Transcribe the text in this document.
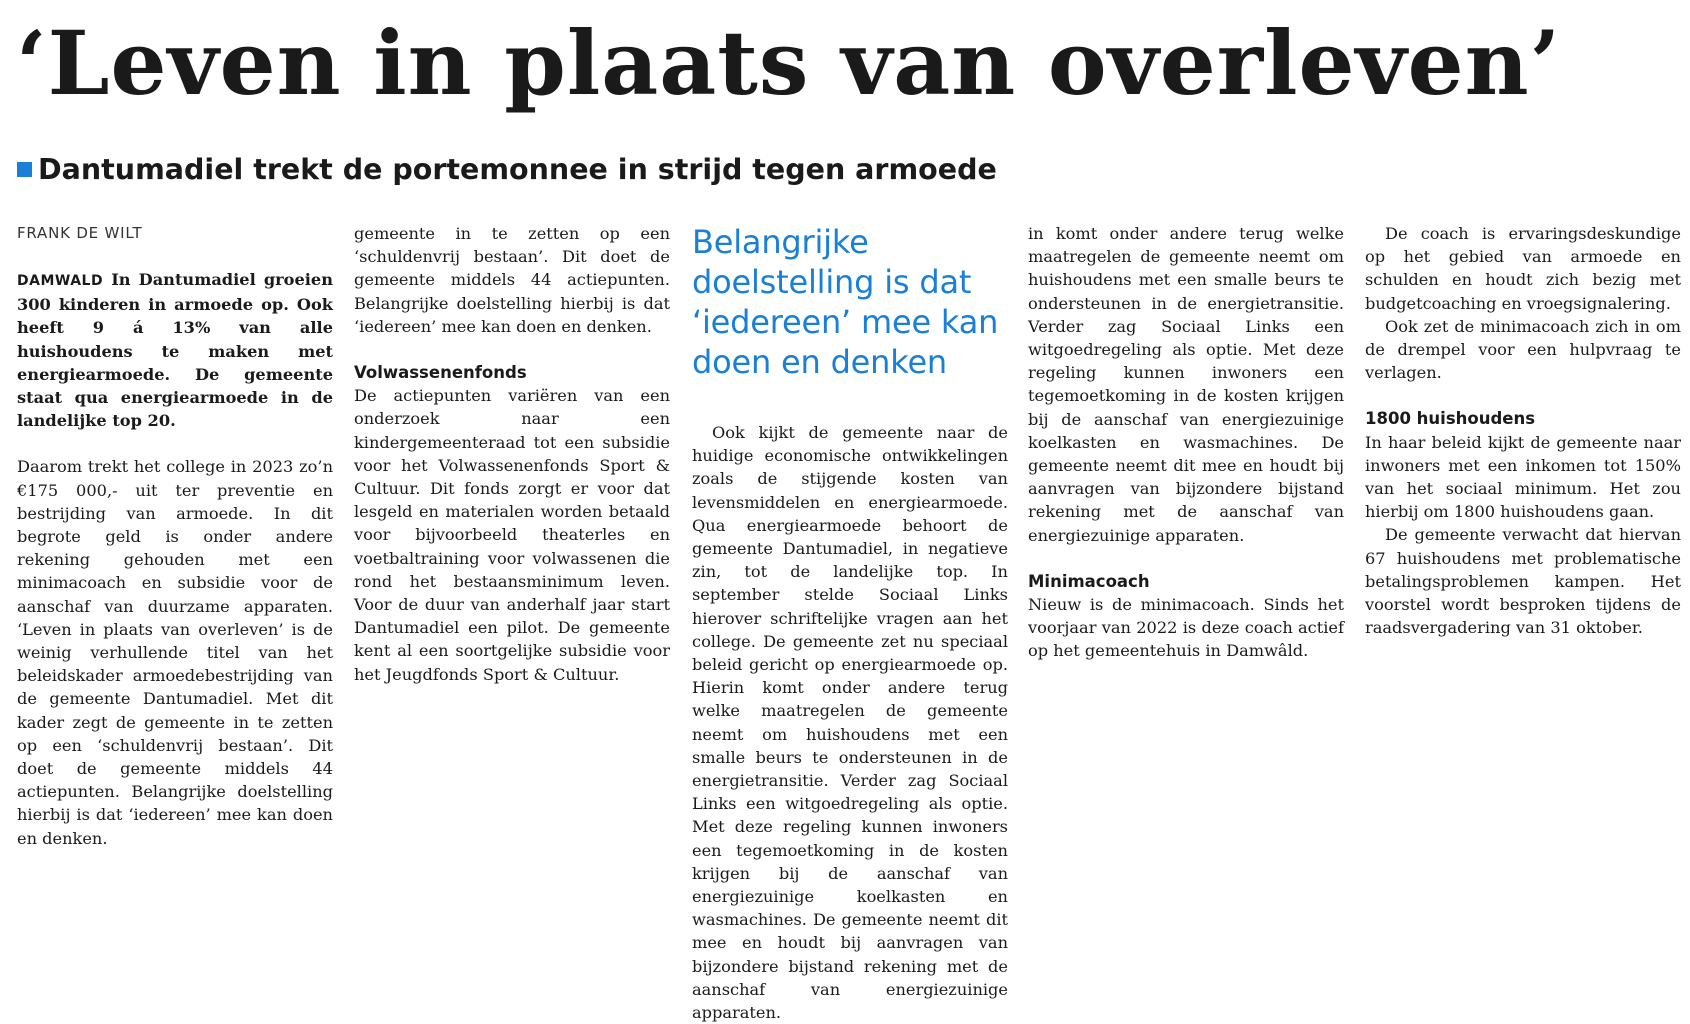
‘Leven in plaats van overleven’
Dantumadiel trekt de portemonnee in strijd tegen armoede

FRANK DE WILT

DAMWALD In Dantumadiel groeien 300 kinderen in armoede op. Ook heeft 9 á 13% van alle huishoudens te maken met energiearmoede. De gemeente staat qua energiearmoede in de landelijke top 20.

Daarom trekt het college in 2023 zo’n €175 000,- uit ter preventie en bestrijding van armoede. In dit begrote geld is onder andere rekening gehouden met een minimacoach en subsidie voor de aanschaf van duurzame apparaten. ‘Leven in plaats van overleven’ is de weinig verhullende titel van het beleidskader armoedebestrijding van de gemeente Dantumadiel. Met dit kader zegt de gemeente in te zetten op een ‘schuldenvrij bestaan’. Dit doet de gemeente middels 44 actiepunten. Belangrijke doelstelling hierbij is dat ‘iedereen’ mee kan doen en denken.

gemeente in te zetten op een ‘schuldenvrij bestaan’. Dit doet de gemeente middels 44 actiepunten. Belangrijke doelstelling hierbij is dat ‘iedereen’ mee kan doen en denken.

Volwassenenfonds

De actiepunten variëren van een onderzoek naar een kindergemeenteraad tot een subsidie voor het Volwassenenfonds Sport & Cultuur. Dit fonds zorgt er voor dat lesgeld en materialen worden betaald voor bijvoorbeeld theaterles en voetbaltraining voor volwassenen die rond het bestaansminimum leven. Voor de duur van anderhalf jaar start Dantumadiel een pilot. De gemeente kent al een soortgelijke subsidie voor het Jeugdfonds Sport & Cultuur.

Belangrijke doelstelling is dat ‘iedereen’ mee kan doen en denken

Ook kijkt de gemeente naar de huidige economische ontwikkelingen zoals de stijgende kosten van levensmiddelen en energiearmoede. Qua energiearmoede behoort de gemeente Dantumadiel, in negatieve zin, tot de landelijke top. In september stelde Sociaal Links hierover schriftelijke vragen aan het college. De gemeente zet nu speciaal beleid gericht op energiearmoede op. Hierin komt onder andere terug welke maatregelen de gemeente neemt om huishoudens met een smalle beurs te ondersteunen in de energietransitie. Verder zag Sociaal Links een witgoedregeling als optie. Met deze regeling kunnen inwoners een tegemoetkoming in de kosten krijgen bij de aanschaf van energiezuinige koelkasten en wasmachines. De gemeente neemt dit mee en houdt bij aanvragen van bijzondere bijstand rekening met de aanschaf van energiezuinige apparaten.

in komt onder andere terug welke maatregelen de gemeente neemt om huishoudens met een smalle beurs te ondersteunen in de energietransitie. Verder zag Sociaal Links een witgoedregeling als optie. Met deze regeling kunnen inwoners een tegemoetkoming in de kosten krijgen bij de aanschaf van energiezuinige koelkasten en wasmachines. De gemeente neemt dit mee en houdt bij aanvragen van bijzondere bijstand rekening met de aanschaf van energiezuinige apparaten.

Minimacoach

Nieuw is de minimacoach. Sinds het voorjaar van 2022 is deze coach actief op het gemeentehuis in Damwâld.

De coach is ervaringsdeskundige op het gebied van armoede en schulden en houdt zich bezig met budgetcoaching en vroegsignalering.

Ook zet de minimacoach zich in om de drempel voor een hulpvraag te verlagen.

1800 huishoudens

In haar beleid kijkt de gemeente naar inwoners met een inkomen tot 150% van het sociaal minimum. Het zou hierbij om 1800 huishoudens gaan.

De gemeente verwacht dat hiervan 67 huishoudens met problematische betalingsproblemen kampen. Het voorstel wordt besproken tijdens de raadsvergadering van 31 oktober.
